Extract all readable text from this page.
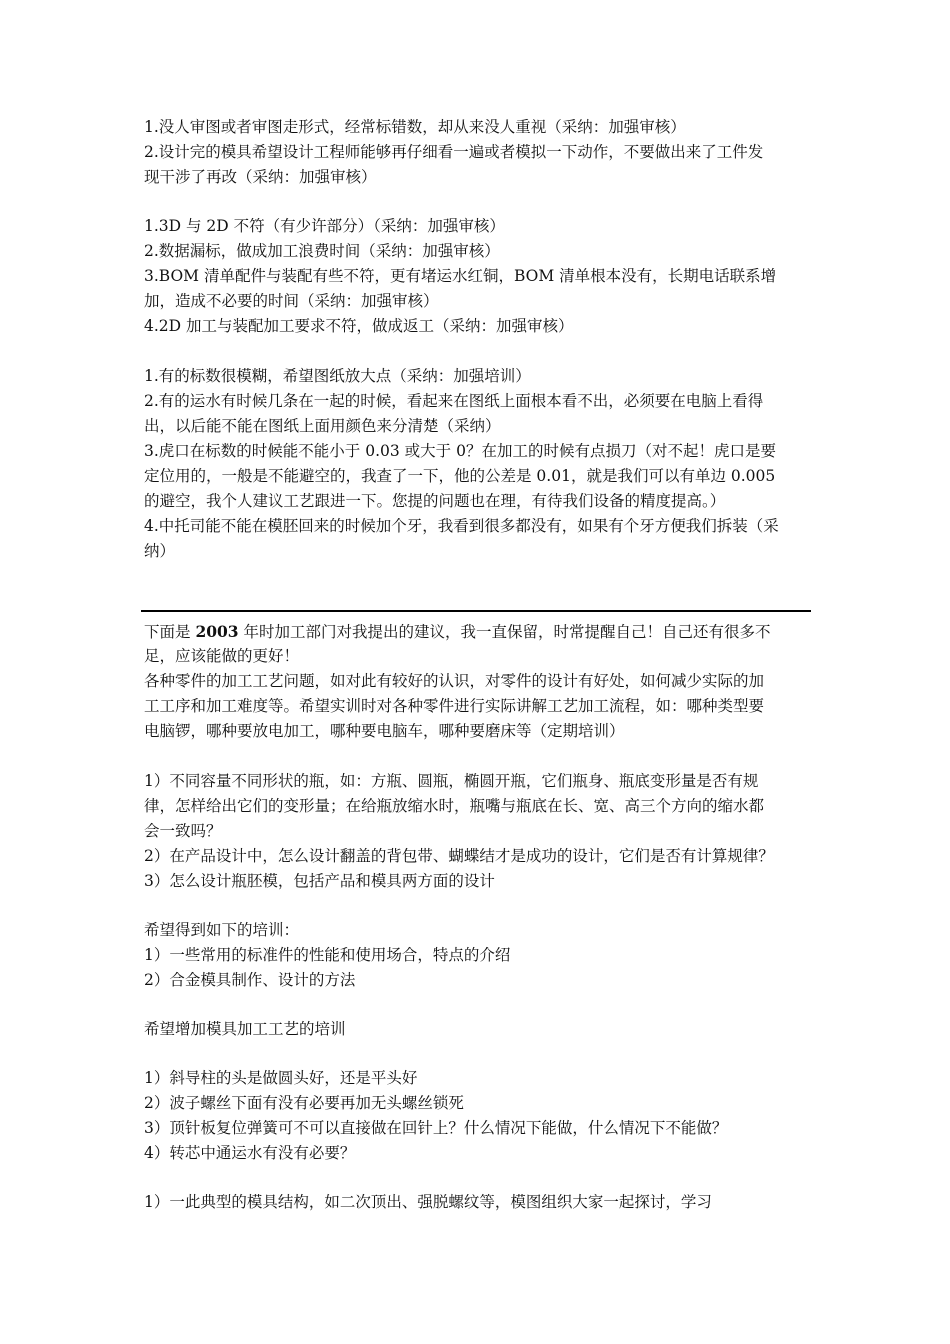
1.没人审图或者审图走形式，经常标错数，却从来没人重视（采纳：加强审核）
2.设计完的模具希望设计工程师能够再仔细看一遍或者模拟一下动作，不要做出来了工件发
现干涉了再改（采纳：加强审核）
1.3D 与 2D 不符（有少许部分）（采纳：加强审核）
2.数据漏标，做成加工浪费时间（采纳：加强审核）
3.BOM 清单配件与装配有些不符，更有堵运水红铜，BOM 清单根本没有，长期电话联系增
加，造成不必要的时间（采纳：加强审核）
4.2D 加工与装配加工要求不符，做成返工（采纳：加强审核）
1.有的标数很模糊，希望图纸放大点（采纳：加强培训）
2.有的运水有时候几条在一起的时候，看起来在图纸上面根本看不出，必须要在电脑上看得
出，以后能不能在图纸上面用颜色来分清楚（采纳）
3.虎口在标数的时候能不能小于 0.03 或大于 0？在加工的时候有点损刀（对不起！虎口是要
定位用的，一般是不能避空的，我查了一下，他的公差是 0.01，就是我们可以有单边 0.005
的避空，我个人建议工艺跟进一下。您提的问题也在理，有待我们设备的精度提高。）
4.中托司能不能在模胚回来的时候加个牙，我看到很多都没有，如果有个牙方便我们拆装（采
纳）
下面是 2003 年时加工部门对我提出的建议，我一直保留，时常提醒自己！自己还有很多不
足，应该能做的更好！
各种零件的加工工艺问题，如对此有较好的认识，对零件的设计有好处，如何减少实际的加
工工序和加工难度等。希望实训时对各种零件进行实际讲解工艺加工流程，如：哪种类型要
电脑锣，哪种要放电加工，哪种要电脑车，哪种要磨床等（定期培训）
1）不同容量不同形状的瓶，如：方瓶、圆瓶，椭圆开瓶，它们瓶身、瓶底变形量是否有规
律，怎样给出它们的变形量；在给瓶放缩水时，瓶嘴与瓶底在长、宽、高三个方向的缩水都
会一致吗？
2）在产品设计中，怎么设计翻盖的背包带、蝴蝶结才是成功的设计，它们是否有计算规律？
3）怎么设计瓶胚模，包括产品和模具两方面的设计
希望得到如下的培训：
1）一些常用的标准件的性能和使用场合，特点的介绍
2）合金模具制作、设计的方法
希望增加模具加工工艺的培训
1）斜导柱的头是做圆头好，还是平头好
2）波子螺丝下面有没有必要再加无头螺丝锁死
3）顶针板复位弹簧可不可以直接做在回针上？什么情况下能做，什么情况下不能做？
4）转芯中通运水有没有必要？
1）一此典型的模具结构，如二次顶出、强脱螺纹等，模图组织大家一起探讨，学习
